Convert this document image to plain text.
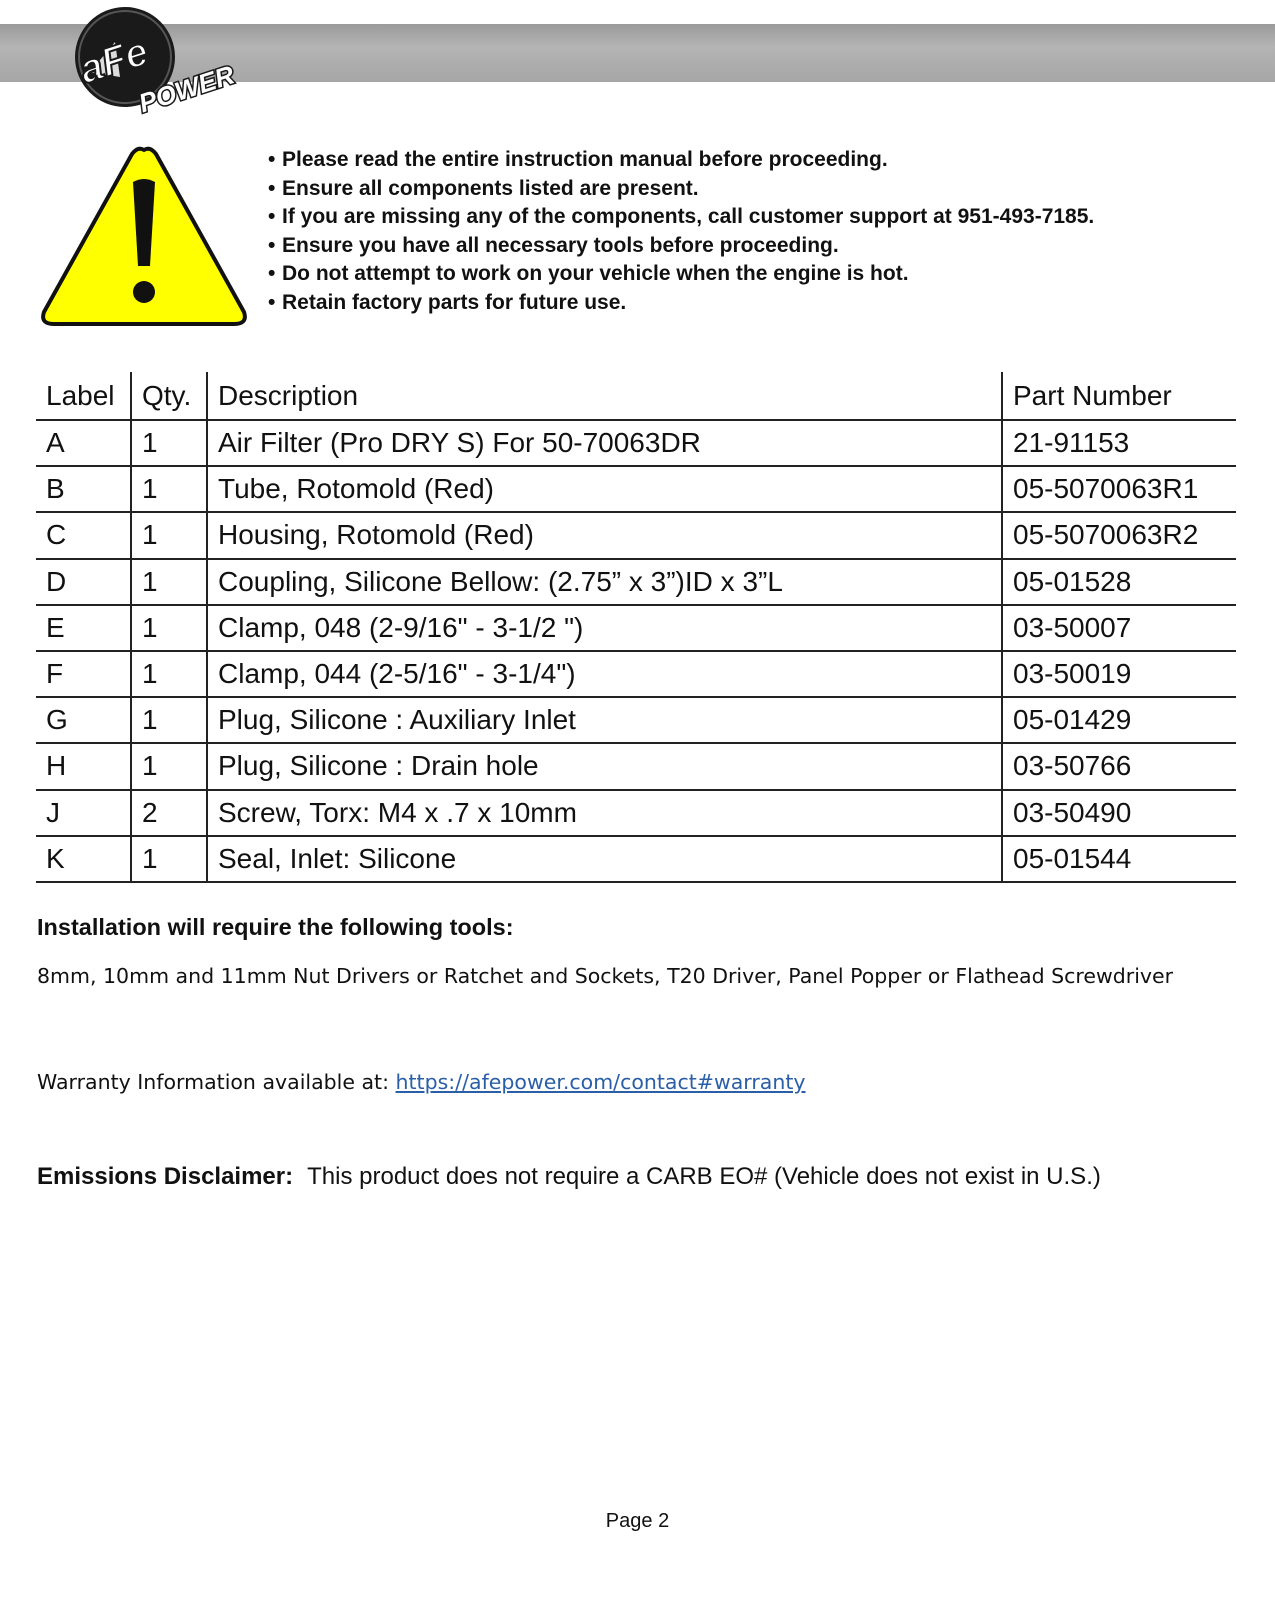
aFe
POWER
• Please read the entire instruction manual before proceeding.
• Ensure all components listed are present.
• If you are missing any of the components, call customer support at 951-493-7185.
• Ensure you have all necessary tools before proceeding.
• Do not attempt to work on your vehicle when the engine is hot.
• Retain factory parts for future use.
Label	Qty.	Description	Part Number
A	1	Air Filter (Pro DRY S) For 50-70063DR	21-91153
B	1	Tube, Rotomold (Red)	05-5070063R1
C	1	Housing, Rotomold (Red)	05-5070063R2
D	1	Coupling, Silicone Bellow: (2.75” x 3”)ID x 3”L	05-01528
E	1	Clamp, 048 (2-9/16" - 3-1/2 ")	03-50007
F	1	Clamp, 044 (2-5/16" - 3-1/4")	03-50019
G	1	Plug, Silicone : Auxiliary Inlet	05-01429
H	1	Plug, Silicone : Drain hole	03-50766
J	2	Screw, Torx: M4 x .7 x 10mm	03-50490
K	1	Seal, Inlet: Silicone	05-01544
Installation will require the following tools:
8mm, 10mm and 11mm Nut Drivers or Ratchet and Sockets, T20 Driver, Panel Popper or Flathead Screwdriver
Warranty Information available at: https://afepower.com/contact#warranty
Emissions Disclaimer: This product does not require a CARB EO# (Vehicle does not exist in U.S.)
Page 2
